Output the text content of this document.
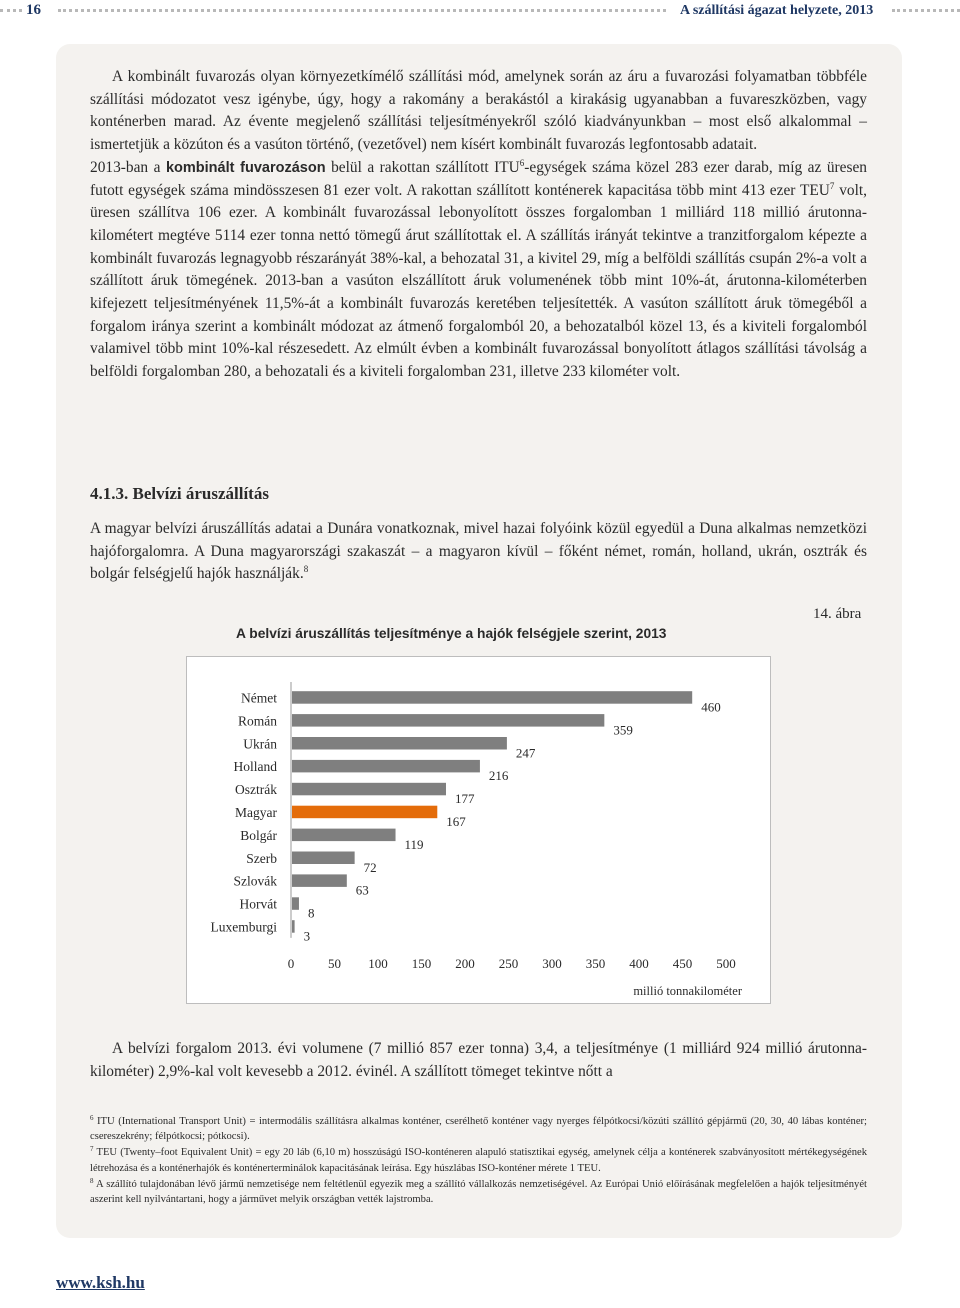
16	A szállítási ágazat helyzete, 2013

A kombinált fuvarozás olyan környezetkímélő szállítási mód, amelynek során az áru a fuvarozási folyamatban többféle szállítási módozatot vesz igénybe, úgy, hogy a rakomány a berakástól a kirakásig ugyanabban a fuvareszközben, vagy konténerben marad. Az évente megjelenő szállítási teljesítményekről szóló kiadványunkban – most első alkalommal – ismertetjük a közúton és a vasúton történő, (vezetővel) nem kísért kombinált fuvarozás legfontosabb adatait.

2013-ban a kombinált fuvarozáson belül a rakottan szállított ITU$^6$-egységek száma közel 283 ezer darab, míg az üresen futott egységek száma mindösszesen 81 ezer volt. A rakottan szállított konténerek kapacitása több mint 413 ezer TEU$^7$ volt, üresen szállítva 106 ezer. A kombinált fuvarozással lebonyolított összes forgalomban 1 milliárd 118 millió árutonna-kilométert megtéve 5114 ezer tonna nettó tömegű árut szállítottak el. A szállítás irányát tekintve a tranzitforgalom képezte a kombinált fuvarozás legnagyobb részarányát 38%-kal, a behozatal 31, a kivitel 29, míg a belföldi szállítás csupán 2%-a volt a szállított áruk tömegének. 2013-ban a vasúton elszállított áruk volumenének több mint 10%-át, árutonna-kilométerben kifejezett teljesítményének 11,5%-át a kombinált fuvarozás keretében teljesítették. A vasúton szállított áruk tömegéből a forgalom iránya szerint a kombinált módozat az átmenő forgalomból 20, a behozatalból közel 13, és a kiviteli forgalomból valamivel több mint 10%-kal részesedett. Az elmúlt évben a kombinált fuvarozással bonyolított átlagos szállítási távolság a belföldi forgalomban 280, a behozatali és a kiviteli forgalomban 231, illetve 233 kilométer volt.

4.1.3. Belvízi áruszállítás

A magyar belvízi áruszállítás adatai a Dunára vonatkoznak, mivel hazai folyóink közül egyedül a Duna alkalmas nemzetközi hajóforgalomra. A Duna magyarországi szakaszát – a magyaron kívül – főként német, román, holland, ukrán, osztrák és bolgár felségjelű hajók használják.$^8$

14. ábra
A belvízi áruszállítás teljesítménye a hajók felségjele szerint, 2013
Német
460
Román
359
Ukrán
247
Holland
216
Osztrák
177
Magyar
167
Bolgár
119
Szerb
72
Szlovák
63
Horvát
8
Luxemburgi
3
0	50 100 150 200 250 300 350 400 450 500
millió tonnakilométer

A belvízi forgalom 2013. évi volumene (7 millió 857 ezer tonna) 3,4, a teljesítménye (1 milliárd 924 millió árutonna-kilométer) 2,9%-kal volt kevesebb a 2012. évinél. A szállított tömeget tekintve nőtt a

$^6$ ITU (International Transport Unit) = intermodális szállításra alkalmas konténer, cserélhető konténer vagy nyerges félpótkocsi/közúti szállító gépjármű (20, 30, 40 lábas konténer; csereszekrény; félpótkocsi; pótkocsi).

$^7$ TEU (Twenty–foot Equivalent Unit) = egy 20 láb (6,10 m) hosszúságú ISO-konténeren alapuló statisztikai egység, amelynek célja a konténerek szabványosított mértékegységének létrehozása és a konténerhajók és konténerterminálok kapacitásának leírása. Egy húszlábas ISO-konténer mérete 1 TEU.

$^8$ A szállító tulajdonában lévő jármű nemzetisége nem feltétlenül egyezik meg a szállító vállalkozás nemzetiségével. Az Európai Unió előírásának megfelelően a hajók teljesítményét aszerint kell nyilvántartani, hogy a járművet melyik országban vették lajstromba.

www.ksh.hu
